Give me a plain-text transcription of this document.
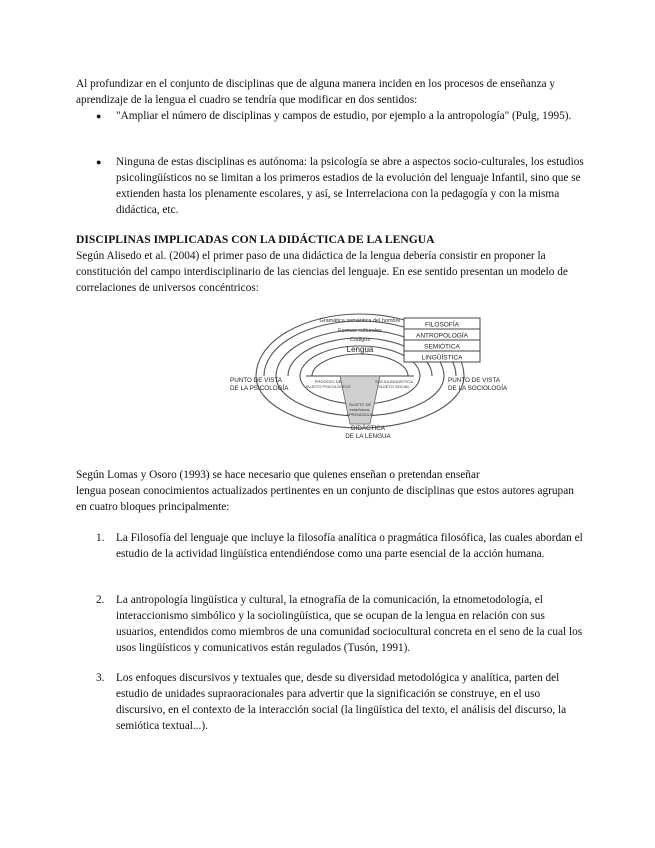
Al profundizar en el conjunto de disciplinas que de alguna manera inciden en los procesos de enseñanza y aprendizaje de la lengua el cuadro se tendría que modificar en dos sentidos:

● "Ampliar el número de disciplinas y campos de estudio, por ejemplo a la antropología" (Pulg, 1995).

● Ninguna de estas disciplinas es autónoma: la psicología se abre a aspectos socio-culturales, los estudios psicolingüísticos no se limitan a los primeros estadios de la evolución del lenguaje Infantil, sino que se extienden hasta los plenamente escolares, y así, se Interrelaciona con la pedagogía y con la misma didáctica, etc.

DISCIPLINAS IMPLICADAS CON LA DIDÁCTICA DE LA LENGUA

Según Alisedo et al. (2004) el primer paso de una didáctica de la lengua debería consistir en proponer la constitución del campo interdisciplinario de las ciencias del lenguaje. En ese sentido presentan un modelo de correlaciones de universos concéntricos:

Gramática semántica del hombre
Formas culturales
Códigos
Lengua
FILOSOFÍA
ANTROPOLOGÍA
SEMIÓTICA
LINGÜÍSTICA
PROCESO DE
SUJETO PSICOLÓGICO
SOCIOLINGÜÍSTICA
SUJETO SOCIAL
SUJETO DE
enseñanza-
APRENDIZAJE
PUNTO DE VISTA
DE LA PSICOLOGÍA
PUNTO DE VISTA
DE LA SOCIOLOGÍA
DIDÁCTICA
DE LA LENGUA

Según Lomas y Osoro (1993) se hace necesario que quienes enseñan o pretendan enseñar

lengua posean conocimientos actualizados pertinentes en un conjunto de disciplinas que estos autores agrupan en cuatro bloques principalmente:

1. La Filosofía del lenguaje que incluye la filosofía analítica o pragmática filosófica, las cuales abordan el estudio de la actividad lingüística entendiéndose como una parte esencial de la acción humana.

2. La antropología lingüística y cultural, la etnografía de la comunicación, la etnometodología, el interaccionismo simbólico y la sociolingüística, que se ocupan de la lengua en relación con sus usuarios, entendidos como miembros de una comunidad sociocultural concreta en el seno de la cual los usos lingüísticos y comunicativos están regulados (Tusón, 1991).

3. Los enfoques discursivos y textuales que, desde su diversidad metodológica y analítica, parten del estudio de unidades supraoracionales para advertir que la significación se construye, en el uso discursivo, en el contexto de la interacción social (la lingüística del texto, el análisis del discurso, la semiótica textual...).
